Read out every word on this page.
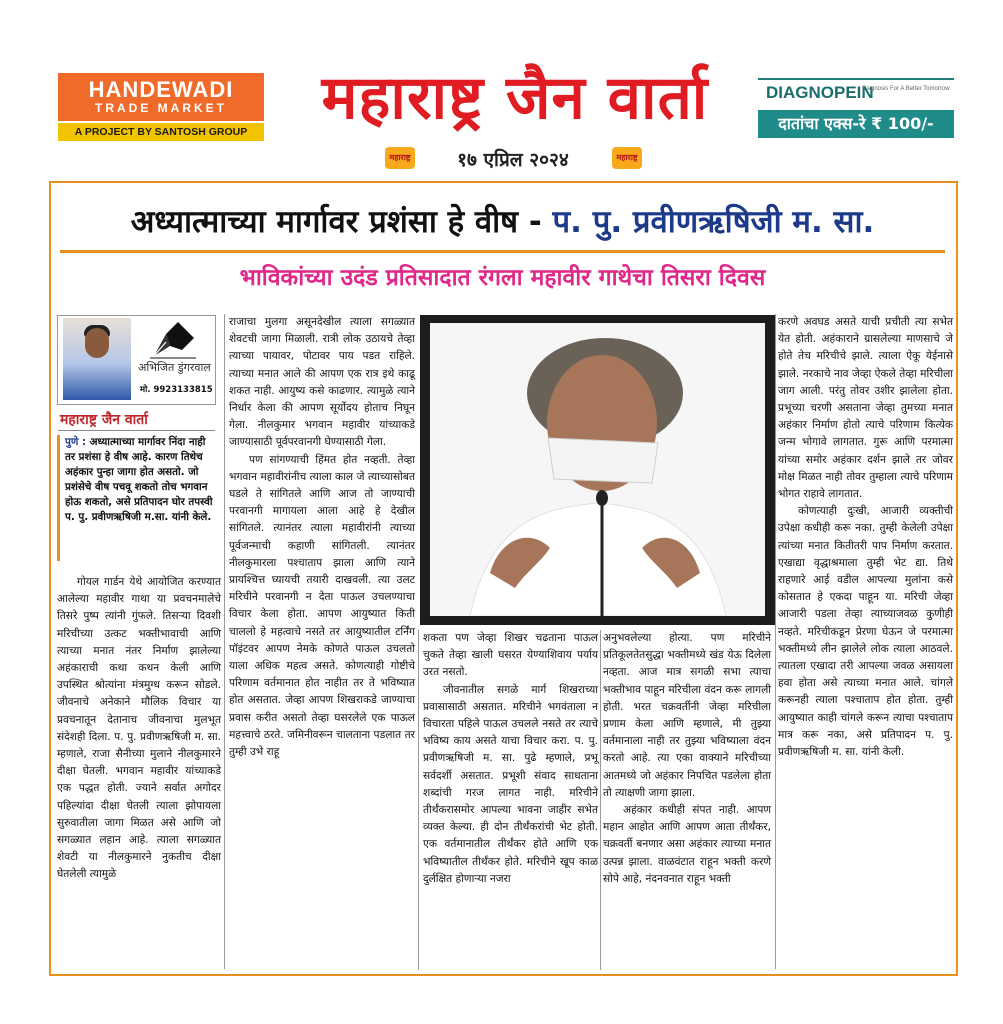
HANDEWADI
TRADE MARKET
A PROJECT BY SANTOSH GROUP	महाराष्ट्र जैन वार्ता
महाराष्ट्र	१७ एप्रिल २०२४	महाराष्ट्र
DIAGNOPEIN
Diagnosis For A Better Tomorrow
दातांचा एक्स-रे ₹ 100/-
अध्यात्माच्या मार्गावर प्रशंसा हे वीष - प. पु. प्रवीणऋषिजी म. सा.
भाविकांच्या उदंड प्रतिसादात रंगला महावीर गाथेचा तिसरा दिवस
अभिजित डुंगरवाल
मो. 9923133815
महाराष्ट्र जैन वार्ता
पुणे : अध्यात्माच्या मार्गावर निंदा नाही तर प्रशंसा हे वीष आहे. कारण तिथेच अहंकार पुन्हा जागा होत असतो. जो प्रशंसेचे वीष पचवू शकतो तोच भगवान होऊ शकतो, असे प्रतिपादन घोर तपस्वी प. पु. प्रवीणऋषिजी म.सा. यांनी केले.

गोयल गार्डन येथे आयोजित करण्यात आलेल्या महावीर गाथा या प्रवचनमालेचे तिसरे पुष्प त्यांनी गुंफले. तिसऱ्या दिवशी मरिचीच्या उत्कट भक्तीभावाची आणि त्याच्या मनात नंतर निर्माण झालेल्या अहंकाराची कथा कथन केली आणि उपस्थित श्रोत्यांना मंत्रमुग्ध करून सोडले. जीवनाचे अनेकाने मौलिक विचार या प्रवचनातून देतानाच जीवनाचा मुलभूत संदेशही दिला. प. पु. प्रवीणऋषिजी म. सा. म्हणाले, राजा सैनीच्या मुलाने नीलकुमारने दीक्षा घेतली. भगवान महावीर यांच्याकडे एक पद्धत होती. ज्याने सर्वात अगोदर पहिल्यांदा दीक्षा घेतली त्याला झोपायला सुरुवातीला जागा मिळत असे आणि जो सगळ्यात लहान आहे. त्याला सगळ्यात शेवटी या नीलकुमारने नुकतीच दीक्षा घेतलेली त्यामुळे

राजाचा मुलगा असूनदेखील त्याला सगळ्यात शेवटची जागा मिळाली. रात्री लोक उठायचे तेव्हा त्याच्या पायावर, पोटावर पाय पडत राहिले. त्याच्या मनात आले की आपण एक रात्र इथे काढू शकत नाही. आयुष्य कसे काढणार. त्यामुळे त्याने निर्धार केला की आपण सूर्योदय होताच निघून गेला. नीलकुमार भगवान महावीर यांच्याकडे जाण्यासाठी पूर्वपरवानगी घेण्यासाठी गेला.

पण सांगण्याची हिंमत होत नव्हती. तेव्हा भगवान महावीरांनीच त्याला काल जे त्याच्यासोबत घडले ते सांगितले आणि आज तो जाण्याची परवानगी मागायला आला आहे हे देखील सांगितले. त्यानंतर त्याला महावीरांनी त्याच्या पूर्वजन्माची कहाणी सांगितली. त्यानंतर नीलकुमारला पश्चाताप झाला आणि त्याने प्रायश्चित्त घ्यायची तयारी दाखवली. त्या उलट मरिचीने परवानगी न देता पाऊल उचलण्याचा विचार केला होता. आपण आयुष्यात किती चाललो हे महत्वाचे नसते तर आयुष्यातील टर्निंग पॉइंटवर आपण नेमके कोणते पाऊल उचलतो याला अधिक महत्व असते. कोणत्याही गोष्टीचे परिणाम वर्तमानात होत नाहीत तर ते भविष्यात होत असतात. जेव्हा आपण शिखराकडे जाण्याचा प्रवास करीत असतो तेव्हा घसरलेले एक पाऊल महत्त्वाचे ठरते. जमिनीवरून चालताना पडलात तर तुम्ही उभे राहू

शकता पण जेव्हा शिखर चढताना पाऊल चुकते तेव्हा खाली घसरत येण्याशिवाय पर्याय उरत नसतो.

जीवनातील सगळे मार्ग शिखराच्या प्रवासासाठी असतात. मरिचीने भगवंताला न विचारता पहिले पाऊल उचलले नसते तर त्याचे भविष्य काय असते याचा विचार करा. प. पु. प्रवीणऋषिजी म. सा. पुढे म्हणाले, प्रभू सर्वदर्शी असतात. प्रभूशी संवाद साधताना शब्दांची गरज लागत नाही. मरिचीने तीर्थंकरासमोर आपल्या भावना जाहीर सभेत व्यक्त केल्या. ही दोन तीर्थंकरांची भेट होती. एक वर्तमानातील तीर्थंकर होते आणि एक भविष्यातील तीर्थंकर होते. मरिचीने खूप काळ दुर्लक्षित होणाऱ्या नजरा

अनुभवलेल्या होत्या. पण मरिचीने प्रतिकूलतेतसुद्धा भक्तीमध्ये खंड येऊ दिलेला नव्हता. आज मात्र सगळी सभा त्याचा भक्तीभाव पाहून मरिचीला वंदन करू लागली होती. भरत चक्रवर्तीनी जेव्हा मरिचीला प्रणाम केला आणि म्हणाले, मी तुझ्या वर्तमानाला नाही तर तुझ्या भविष्याला वंदन करतो आहे. त्या एका वाक्याने मरिचीच्या आतमध्ये जो अहंकार निपचित पडलेला होता तो त्याक्षणी जागा झाला.

अहंकार कधीही संपत नाही. आपण महान आहोत आणि आपण आता तीर्थंकर, चक्रवर्ती बनणार असा अहंकार त्याच्या मनात उत्पन्न झाला. वाळवंटात राहून भक्ती करणे सोपे आहे, नंदनवनात राहून भक्ती

करणे अवघड असते याची प्रचीती त्या सभेत येत होती. अहंकाराने ग्रासलेल्या माणसाचे जे होते तेच मरिचीचे झाले. त्याला ऐकू येईनासे झाले. नरकाचे नाव जेव्हा ऐकले तेव्हा मरिचीला जाग आली. परंतु तोवर उशीर झालेला होता. प्रभूच्या चरणी असताना जेव्हा तुमच्या मनात अहंकार निर्माण होतो त्याचे परिणाम कित्येक जन्म भोगावे लागतात. गुरू आणि परमात्मा यांच्या समोर अहंकार दर्शन झाले तर जोवर मोक्ष मिळत नाही तोवर तुम्हाला त्याचे परिणाम भोगत राहावे लागतात.

कोणत्याही दुःखी, आजारी व्यक्तीची उपेक्षा कधीही करू नका. तुम्ही केलेली उपेक्षा त्यांच्या मनात कितीतरी पाप निर्माण करतात. एखाद्या वृद्धाश्रमाला तुम्ही भेट द्या. तिथे राहणारे आई वडील आपल्या मुलांना कसे कोसतात हे एकदा पाहून या. मरिची जेव्हा आजारी पडला तेव्हा त्याच्याजवळ कुणीही नव्हते. मरिचीकडून प्रेरणा घेऊन जे परमात्मा भक्तीमध्ये लीन झालेले लोक त्याला आठवले. त्यातला एखादा तरी आपल्या जवळ असायला हवा होता असे त्याच्या मनात आले. चांगले करूनही त्याला पश्चाताप होत होता. तुम्ही आयुष्यात काही चांगले करून त्याचा पश्चाताप मात्र करू नका, असे प्रतिपादन प. पु. प्रवीणऋषिजी म. सा. यांनी केली.
